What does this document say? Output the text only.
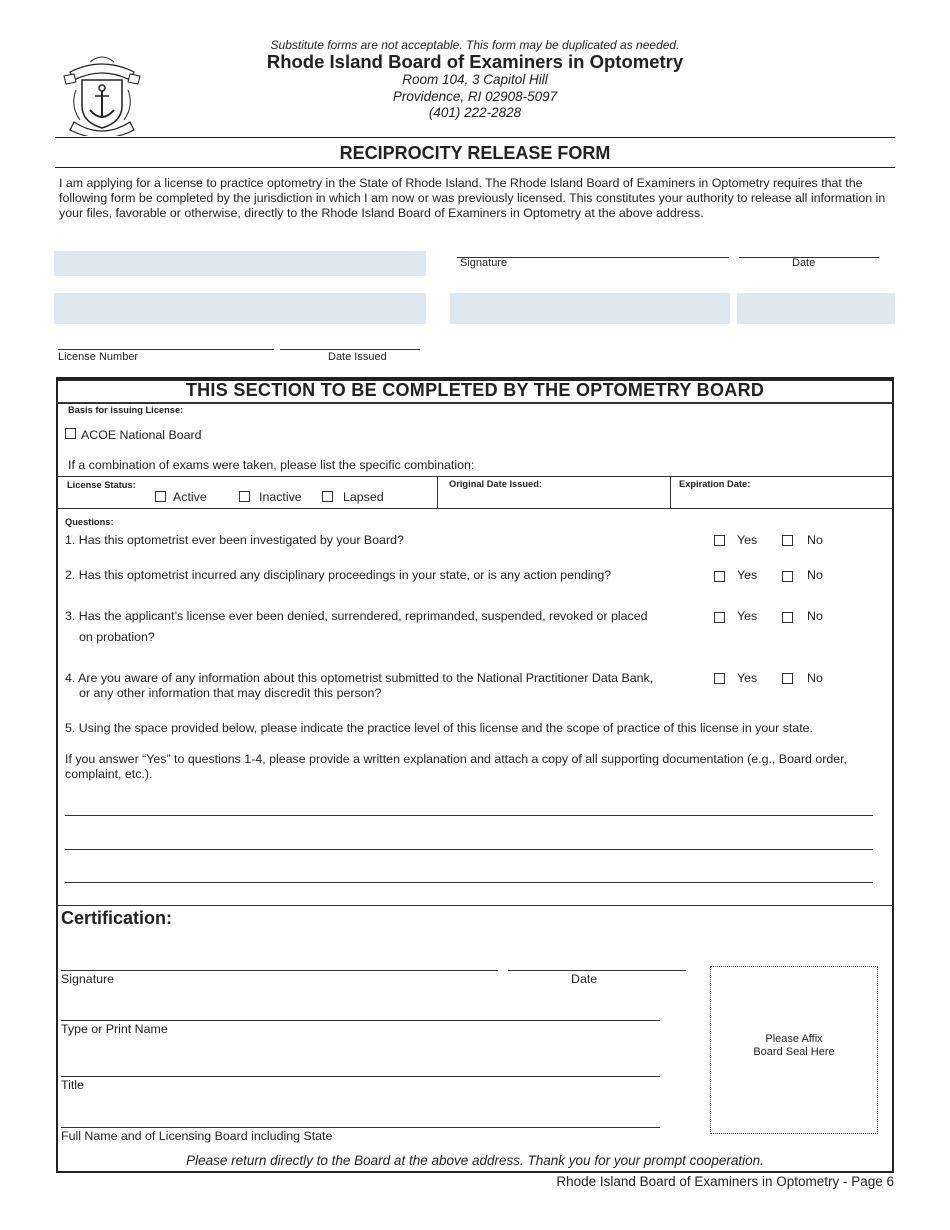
Substitute forms are not acceptable. This form may be duplicated as needed.
Rhode Island Board of Examiners in Optometry
Room 104, 3 Capitol Hill
Providence, RI 02908-5097
(401) 222-2828
RECIPROCITY RELEASE FORM
I am applying for a license to practice optometry in the State of Rhode Island. The Rhode Island Board of Examiners in Optometry requires that the following form be completed by the jurisdiction in which I am now or was previously licensed. This constitutes your authority to release all information in your files, favorable or otherwise, directly to the Rhode Island Board of Examiners in Optometry at the above address.
Signature	Date
License Number	Date Issued
THIS SECTION TO BE COMPLETED BY THE OPTOMETRY BOARD
Basis for issuing License:
ACOE National Board
If a combination of exams were taken, please list the specific combination:
License Status:
Active	Inactive	Lapsed
Original Date Issued:	Expiration Date:
Questions:
1. Has this optometrist ever been investigated by your Board?	Yes	No
2. Has this optometrist incurred any disciplinary proceedings in your state, or is any action pending?	Yes	No
3. Has the applicant’s license ever been denied, surrendered, reprimanded, suspended, revoked or placed
on probation?
Yes	No
4. Are you aware of any information about this optometrist submitted to the National Practitioner Data Bank,
or any other information that may discredit this person?
Yes	No
5. Using the space provided below, please indicate the practice level of this license and the scope of practice of this license in your state.
If you answer “Yes” to questions 1-4, please provide a written explanation and attach a copy of all supporting documentation (e.g., Board order, complaint, etc.).
Certification:
Signature	Date
Type or Print Name
Title
Full Name and of Licensing Board including State
Please Affix
Board Seal Here
Please return directly to the Board at the above address. Thank you for your prompt cooperation.
Rhode Island Board of Examiners in Optometry - Page 6
